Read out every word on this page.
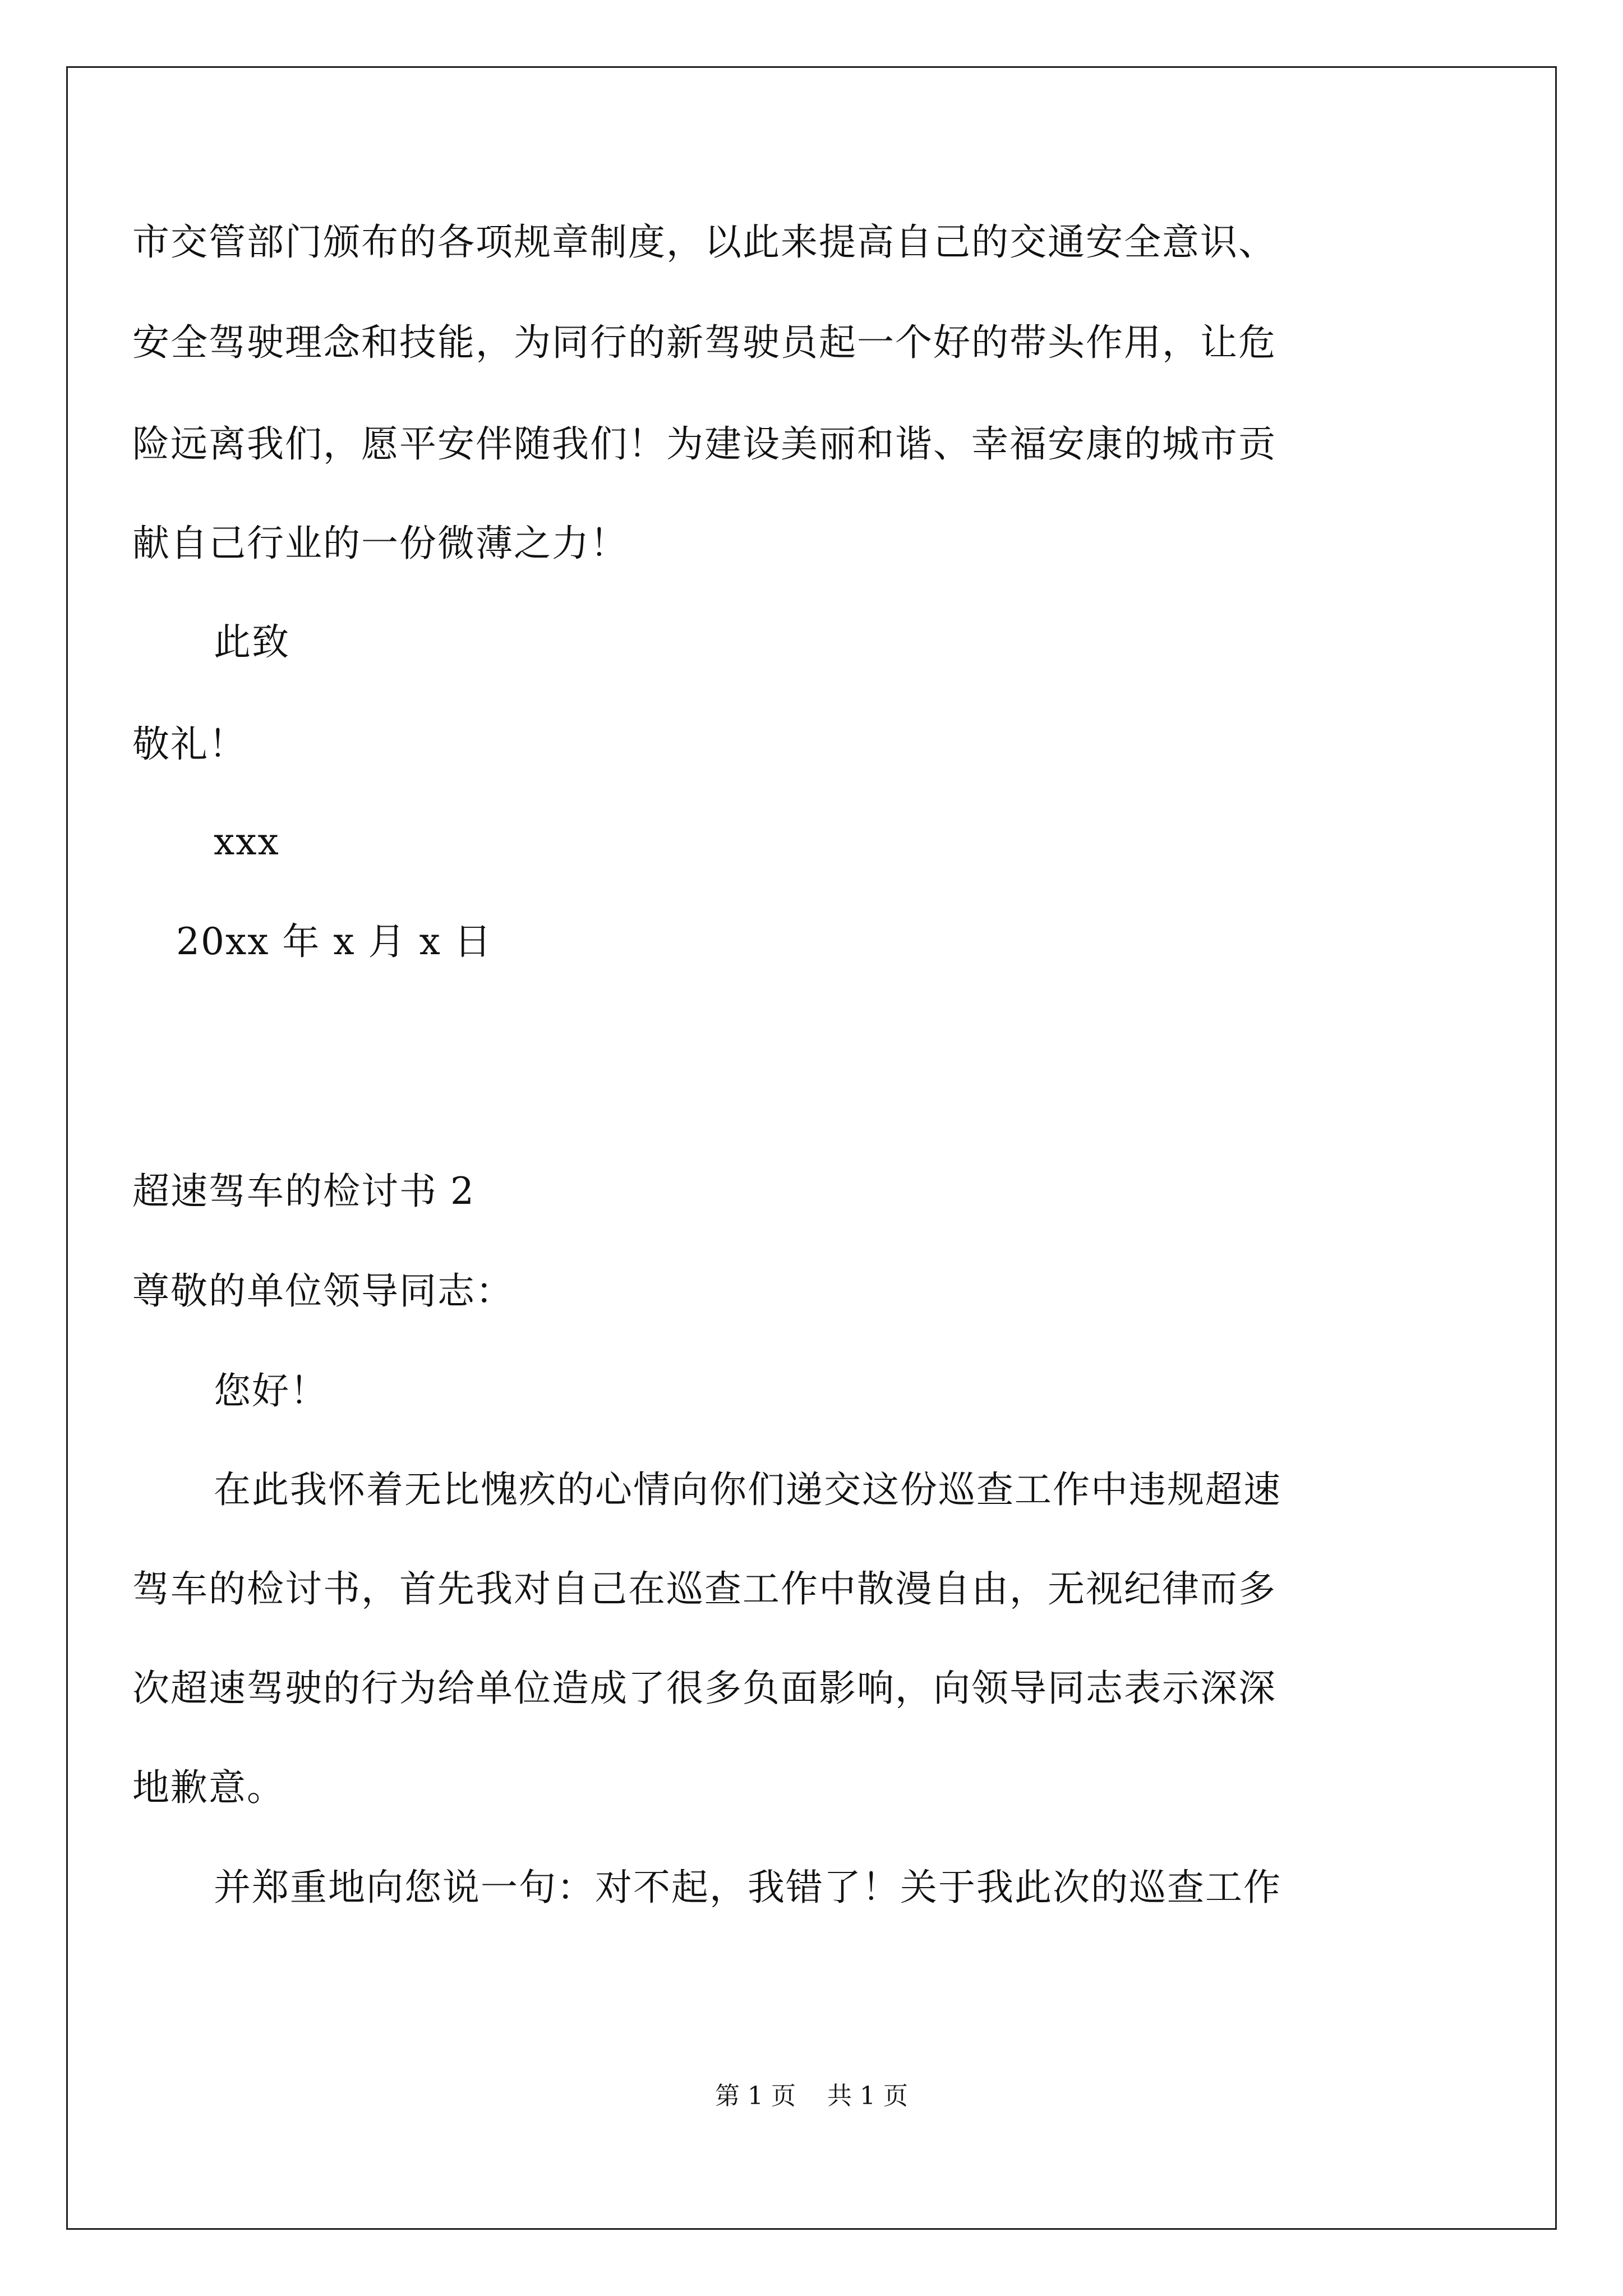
市交管部门颁布的各项规章制度，以此来提高自己的交通安全意识、
安全驾驶理念和技能，为同行的新驾驶员起一个好的带头作用，让危
险远离我们，愿平安伴随我们！为建设美丽和谐、幸福安康的城市贡
献自己行业的一份微薄之力！
此致
敬礼！
xxx
20xx 年 x 月 x 日
超速驾车的检讨书 2
尊敬的单位领导同志：
您好！
在此我怀着无比愧疚的心情向你们递交这份巡查工作中违规超速
驾车的检讨书，首先我对自己在巡查工作中散漫自由，无视纪律而多
次超速驾驶的行为给单位造成了很多负面影响，向领导同志表示深深
地歉意。
并郑重地向您说一句：对不起，我错了！关于我此次的巡查工作
第 1 页 共 1 页
